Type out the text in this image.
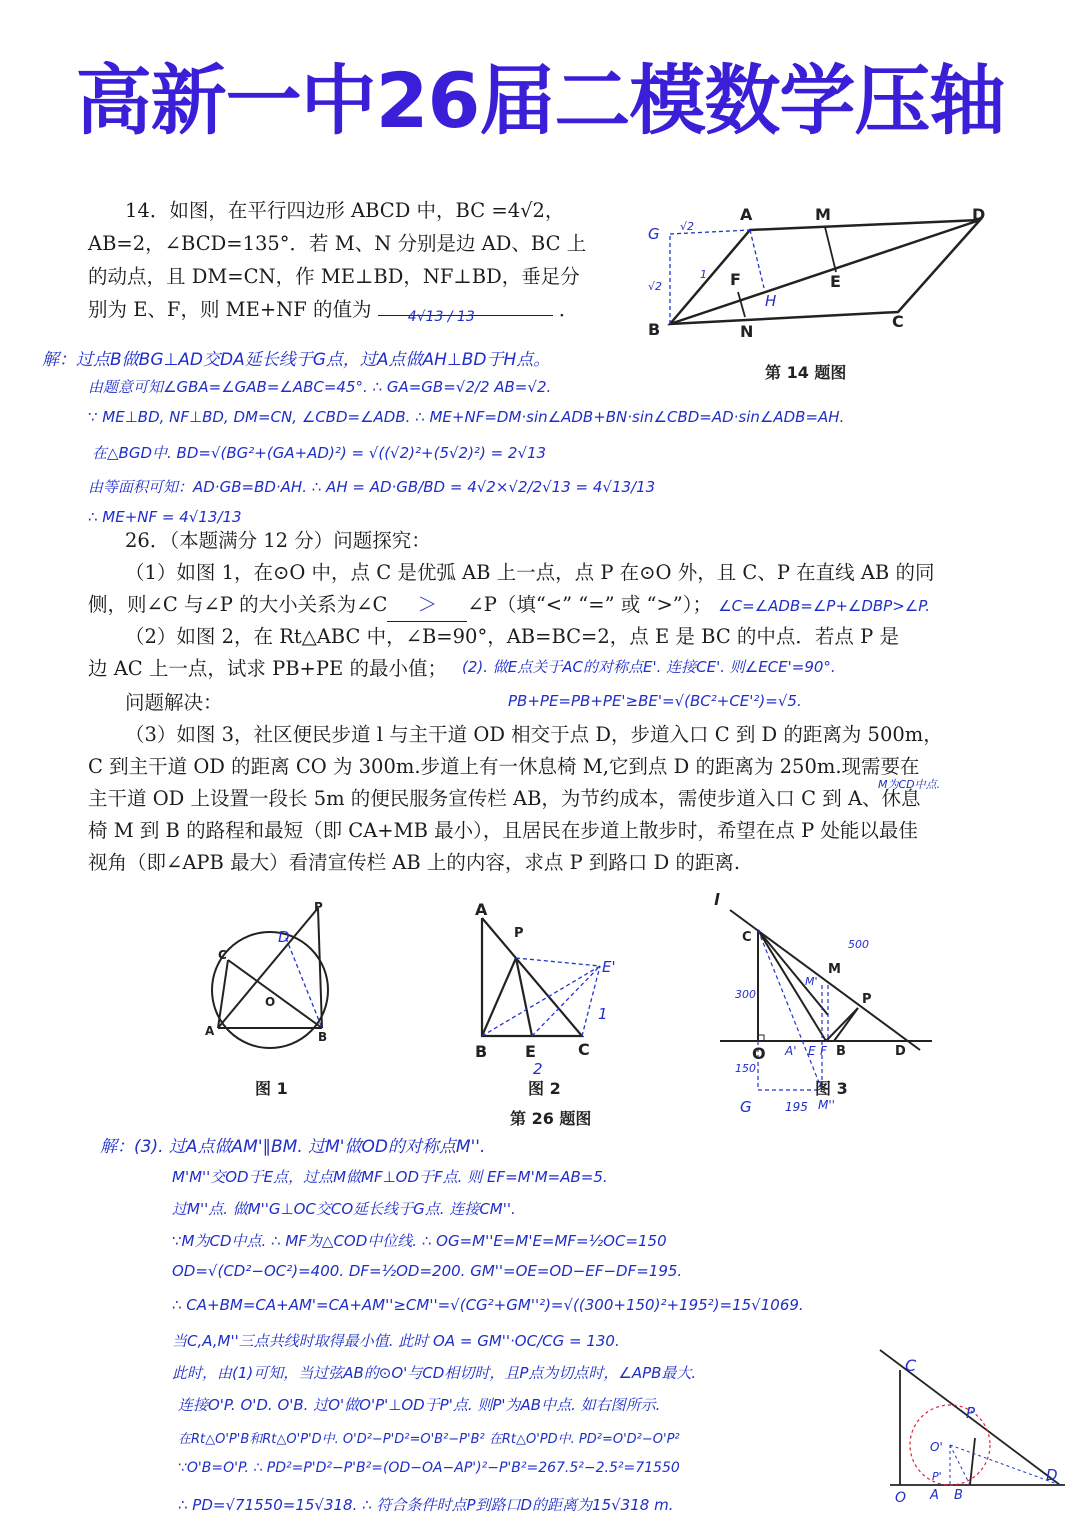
高新一中26届二模数学压轴
14．如图，在平行四边形 ABCD 中，BC =4√2，
AB=2，∠BCD=135°．若 M、N 分别是边 AD、BC 上
的动点，且 DM=CN，作 ME⊥BD，NF⊥BD，垂足分
别为 E、F，则 ME+NF 的值为	4√13 / 13	．
A	M	D
G √2
√2
1 F	E
H
B	N
C
第 14 题图
解：过点B做BG⊥AD交DA延长线于G点，过A点做AH⊥BD于H点。
由题意可知∠GBA=∠GAB=∠ABC=45°. ∴ GA=GB=√2/2 AB=√2.
∵ ME⊥BD, NF⊥BD, DM=CN, ∠CBD=∠ADB. ∴ ME+NF=DM·sin∠ADB+BN·sin∠CBD=AD·sin∠ADB=AH.
在△BGD中. BD=√(BG²+(GA+AD)²) = √((√2)²+(5√2)²) = 2√13
由等面积可知：AD·GB=BD·AH. ∴ AH = AD·GB/BD = 4√2×√2/2√13 = 4√13/13
∴ ME+NF = 4√13/13
26．（本题满分 12 分）问题探究：
（1）如图 1，在⊙O 中，点 C 是优弧 AB 上一点，点 P 在⊙O 外，且 C、P 在直线 AB 的同
侧，则∠C 与∠P 的大小关系为∠C ＞ ∠P（填“<” “=” 或 “>”）； ∠C=∠ADB=∠P+∠DBP>∠P.
（2）如图 2，在 Rt△ABC 中，∠B=90°，AB=BC=2，点 E 是 BC 的中点．若点 P 是
边 AC 上一点，试求 PB+PE 的最小值； (2). 做E点关于AC的对称点E'. 连接CE'. 则∠ECE'=90°.
问题解决：	PB+PE=PB+PE'≥BE'=√(BC²+CE'²)=√5.
（3）如图 3，社区便民步道 l 与主干道 OD 相交于点 D，步道入口 C 到 D 的距离为 500m，
C 到主干道 OD 的距离 CO 为 300m.步道上有一休息椅 M,它到点 D 的距离为 250m.现需要在
M为CD中点.
主干道 OD 上设置一段长 5m 的便民服务宣传栏 AB，为节约成本，需使步道入口 C 到 A、休息
椅 M 到 B 的路程和最短（即 CA+MB 最小），且居民在步道上散步时，希望在点 P 处能以最佳
视角（即∠APB 最大）看清宣传栏 AB 上的内容，求点 P 到路口 D 的距离.
C
D
P
O
A	B
图 1
A
P
E'
1
B E	C
2
图 2
第 26 题图
l
C	500
M
M'
P
300
O A' E F B	D
150
图 3
G	195 M''
解：(3). 过A点做AM'∥BM. 过M'做OD的对称点M''.
M'M''交OD于E点，过点M做MF⊥OD于F点. 则 EF=M'M=AB=5.
过M''点. 做M''G⊥OC交CO延长线于G点. 连接CM''.
∵M为CD中点. ∴ MF为△COD中位线. ∴ OG=M''E=M'E=MF=½OC=150
OD=√(CD²−OC²)=400. DF=½OD=200. GM''=OE=OD−EF−DF=195.
∴ CA+BM=CA+AM'=CA+AM''≥CM''=√(CG²+GM''²)=√((300+150)²+195²)=15√1069.
当C,A,M''三点共线时取得最小值. 此时 OA = GM''·OC/CG = 130.
此时，由(1)可知，当过弦AB的⊙O'与CD相切时，且P点为切点时，∠APB最大.
连接O'P. O'D. O'B. 过O'做O'P'⊥OD于P'点. 则P'为AB中点. 如右图所示.
在Rt△O'P'B和Rt△O'P'D中. O'D²−P'D²=O'B²−P'B² 在Rt△O'PD中. PD²=O'D²−O'P²
∵O'B=O'P. ∴ PD²=P'D²−P'B²=(OD−OA−AP')²−P'B²=267.5²−2.5²=71550
∴ PD=√71550=15√318. ∴ 符合条件时点P到路口D的距离为15√318 m.
C
P
O'
D
P'
O A B
